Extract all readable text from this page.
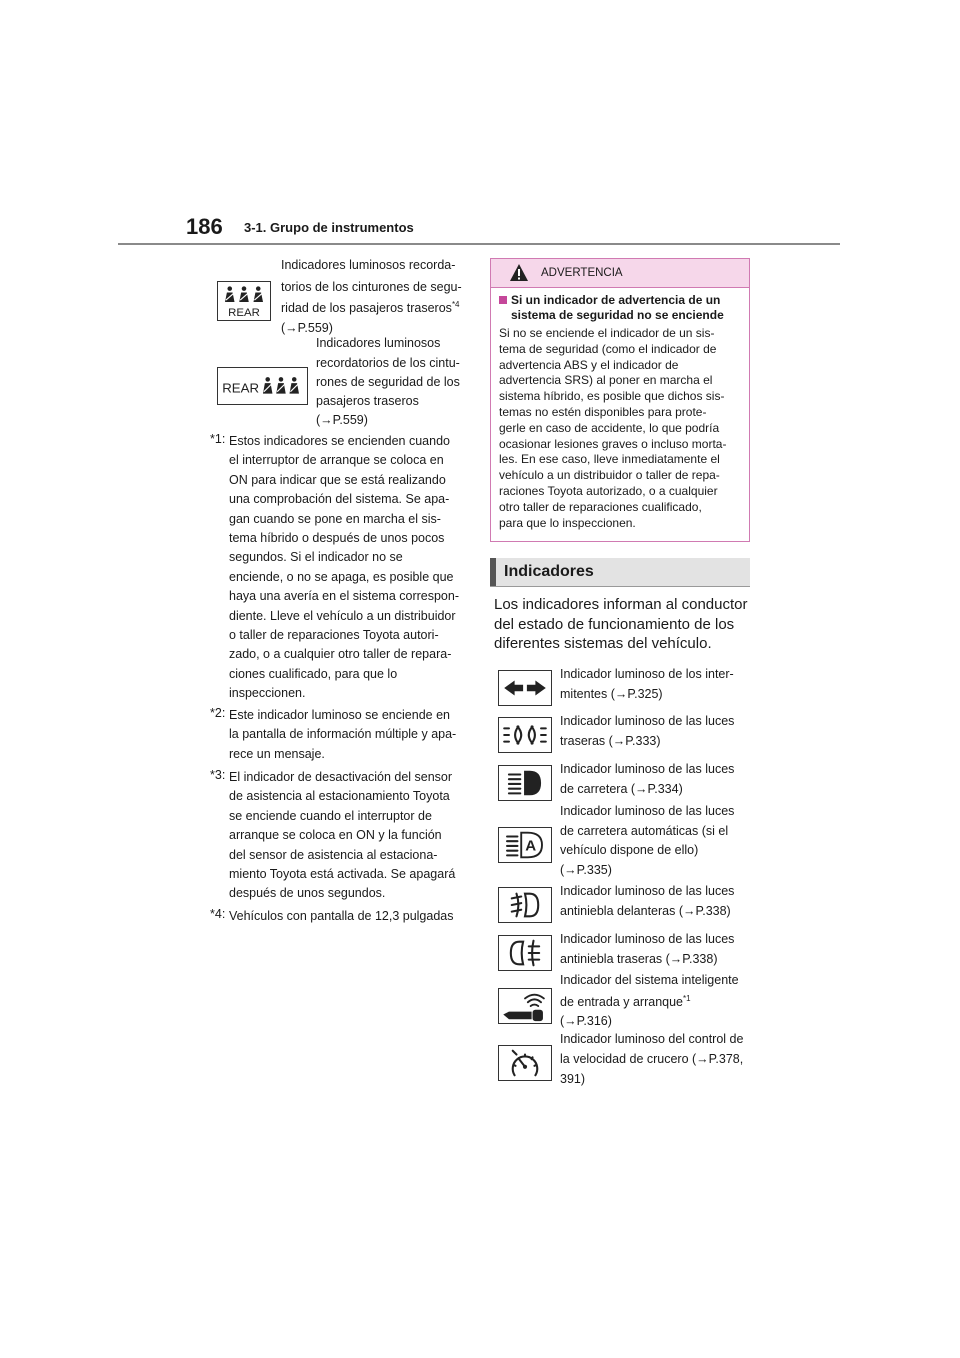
186 3-1. Grupo de instrumentos
REAR
REAR
Indicadores luminosos recorda-
torios de los cinturones de segu-
ridad de los pasajeros traseros$^{*4}$
(→P.559)
Indicadores luminosos
recordatorios de los cintu-
rones de seguridad de los
pasajeros traseros
(→P.559)
*1: Estos indicadores se encienden cuando
el interruptor de arranque se coloca en
ON para indicar que se está realizando
una comprobación del sistema. Se apa-
gan cuando se pone en marcha el sis-
tema híbrido o después de unos pocos
segundos. Si el indicador no se
enciende, o no se apaga, es posible que
haya una avería en el sistema correspon-
diente. Lleve el vehículo a un distribuidor
o taller de reparaciones Toyota autori-
zado, o a cualquier otro taller de repara-
ciones cualificado, para que lo
inspeccionen.
*2: Este indicador luminoso se enciende en
la pantalla de información múltiple y apa-
rece un mensaje.
*3: El indicador de desactivación del sensor
de asistencia al estacionamiento Toyota
se enciende cuando el interruptor de
arranque se coloca en ON y la función
del sensor de asistencia al estaciona-
miento Toyota está activada. Se apagará
después de unos segundos.
*4: Vehículos con pantalla de 12,3 pulgadas
ADVERTENCIA
Si un indicador de advertencia de un
sistema de seguridad no se enciende
Si no se enciende el indicador de un sis-
tema de seguridad (como el indicador de
advertencia ABS y el indicador de
advertencia SRS) al poner en marcha el
sistema híbrido, es posible que dichos sis-
temas no estén disponibles para prote-
gerle en caso de accidente, lo que podría
ocasionar lesiones graves o incluso morta-
les. En ese caso, lleve inmediatamente el
vehículo a un distribuidor o taller de repa-
raciones Toyota autorizado, o a cualquier
otro taller de reparaciones cualificado,
para que lo inspeccionen.
Indicadores
Los indicadores informan al conductor
del estado de funcionamiento de los
diferentes sistemas del vehículo.
Indicador luminoso de los inter-
mitentes (→P.325)
Indicador luminoso de las luces
traseras (→P.333)
Indicador luminoso de las luces
de carretera (→P.334)
A
Indicador luminoso de las luces
de carretera automáticas (si el
vehículo dispone de ello)
(→P.335)
Indicador luminoso de las luces
antiniebla delanteras (→P.338)
Indicador luminoso de las luces
antiniebla traseras (→P.338)
Indicador del sistema inteligente
de entrada y arranque$^{*1}$
(→P.316)
Indicador luminoso del control de
la velocidad de crucero (→P.378,
391)
